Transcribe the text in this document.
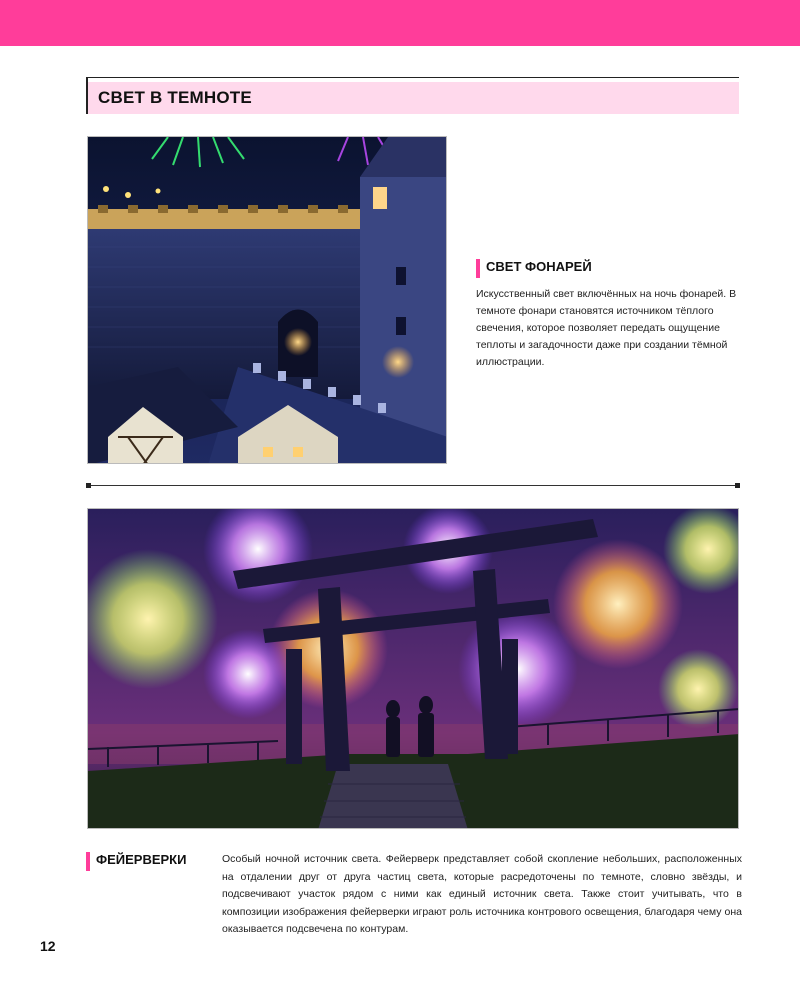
СВЕТ В ТЕМНОТЕ
СВЕТ ФОНАРЕЙ

Искусственный свет включённых на ночь фонарей. В темноте фонари становятся источником тёплого свечения, которое позволяет передать ощущение теплоты и загадочности даже при создании тёмной иллюстрации.

ФЕЙЕРВЕРКИ	Особый ночной источник света. Фейерверк представляет собой скопление небольших, расположенных на отдалении друг от друга частиц света, которые расредоточены по темноте, словно звёзды, и подсвечивают участок рядом с ними как единый источник света. Также стоит учитывать, что в композиции изображения фейерверки играют роль источника контрового освещения, благодаря чему она оказывается подсвечена по контурам.

12
